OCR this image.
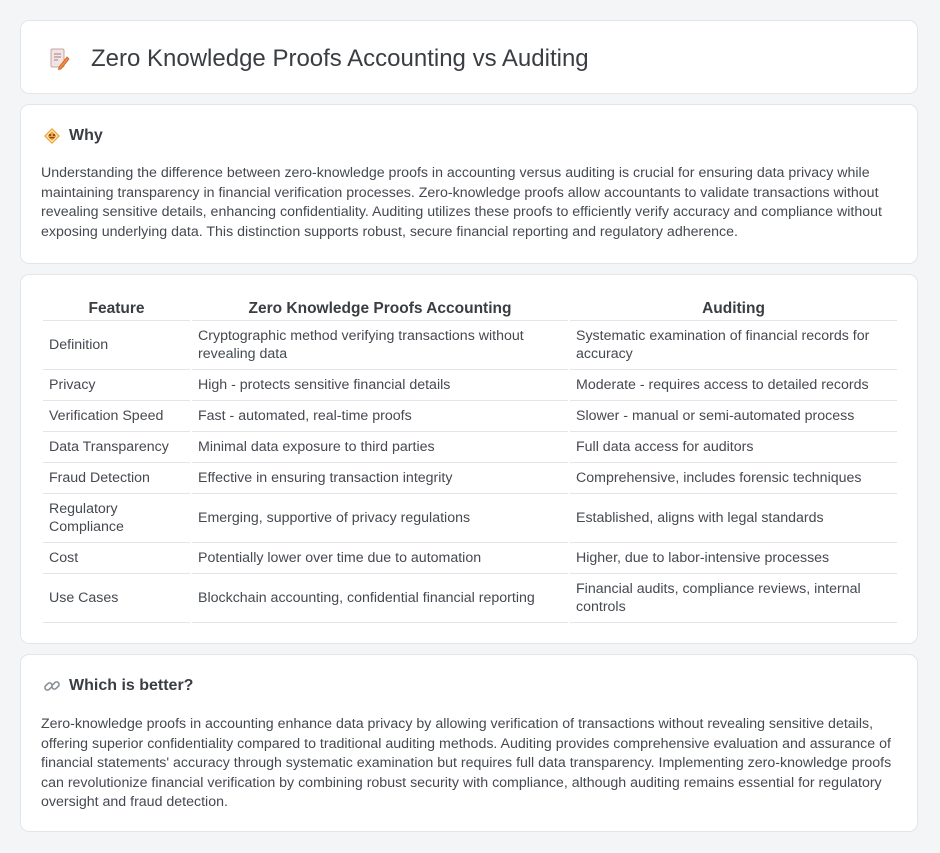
Zero Knowledge Proofs Accounting vs Auditing
Why

Understanding the difference between zero-knowledge proofs in accounting versus auditing is crucial for ensuring data privacy while maintaining transparency in financial verification processes. Zero-knowledge proofs allow accountants to validate transactions without revealing sensitive details, enhancing confidentiality. Auditing utilizes these proofs to efficiently verify accuracy and compliance without exposing underlying data. This distinction supports robust, secure financial reporting and regulatory adherence.

Feature	Zero Knowledge Proofs Accounting	Auditing
Definition	Cryptographic method verifying transactions without revealing data	Systematic examination of financial records for accuracy
Privacy	High - protects sensitive financial details	Moderate - requires access to detailed records
Verification Speed	Fast - automated, real-time proofs	Slower - manual or semi-automated process
Data Transparency	Minimal data exposure to third parties	Full data access for auditors
Fraud Detection	Effective in ensuring transaction integrity	Comprehensive, includes forensic techniques
Regulatory Compliance	Emerging, supportive of privacy regulations	Established, aligns with legal standards
Cost	Potentially lower over time due to automation	Higher, due to labor-intensive processes
Use Cases	Blockchain accounting, confidential financial reporting	Financial audits, compliance reviews, internal controls
Which is better?

Zero-knowledge proofs in accounting enhance data privacy by allowing verification of transactions without revealing sensitive details, offering superior confidentiality compared to traditional auditing methods. Auditing provides comprehensive evaluation and assurance of financial statements' accuracy through systematic examination but requires full data transparency. Implementing zero-knowledge proofs can revolutionize financial verification by combining robust security with compliance, although auditing remains essential for regulatory oversight and fraud detection.
